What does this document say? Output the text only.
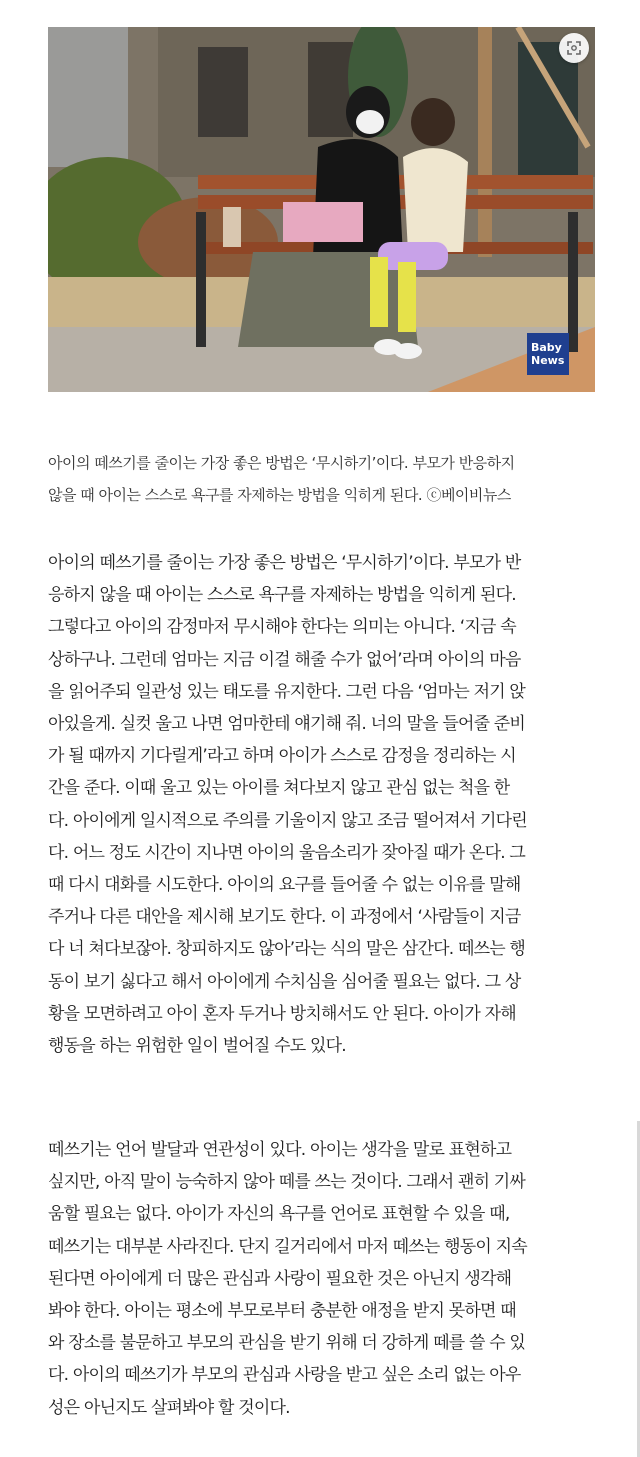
Baby
News

아이의 떼쓰기를 줄이는 가장 좋은 방법은 ‘무시하기’이다. 부모가 반응하지
않을 때 아이는 스스로 욕구를 자제하는 방법을 익히게 된다. ⓒ베이비뉴스

아이의 떼쓰기를 줄이는 가장 좋은 방법은 ‘무시하기’이다. 부모가 반
응하지 않을 때 아이는 스스로 욕구를 자제하는 방법을 익히게 된다.
그렇다고 아이의 감정마저 무시해야 한다는 의미는 아니다. ‘지금 속
상하구나. 그런데 엄마는 지금 이걸 해줄 수가 없어’라며 아이의 마음
을 읽어주되 일관성 있는 태도를 유지한다. 그런 다음 ‘엄마는 저기 앉
아있을게. 실컷 울고 나면 엄마한테 얘기해 줘. 너의 말을 들어줄 준비
가 될 때까지 기다릴게’라고 하며 아이가 스스로 감정을 정리하는 시
간을 준다. 이때 울고 있는 아이를 쳐다보지 않고 관심 없는 척을 한
다. 아이에게 일시적으로 주의를 기울이지 않고 조금 떨어져서 기다린
다. 어느 정도 시간이 지나면 아이의 울음소리가 잦아질 때가 온다. 그
때 다시 대화를 시도한다. 아이의 요구를 들어줄 수 없는 이유를 말해
주거나 다른 대안을 제시해 보기도 한다. 이 과정에서 ‘사람들이 지금
다 너 쳐다보잖아. 창피하지도 않아’라는 식의 말은 삼간다. 떼쓰는 행
동이 보기 싫다고 해서 아이에게 수치심을 심어줄 필요는 없다. 그 상
황을 모면하려고 아이 혼자 두거나 방치해서도 안 된다. 아이가 자해
행동을 하는 위험한 일이 벌어질 수도 있다.
떼쓰기는 언어 발달과 연관성이 있다. 아이는 생각을 말로 표현하고
싶지만, 아직 말이 능숙하지 않아 떼를 쓰는 것이다. 그래서 괜히 기싸
움할 필요는 없다. 아이가 자신의 욕구를 언어로 표현할 수 있을 때,
떼쓰기는 대부분 사라진다. 단지 길거리에서 마저 떼쓰는 행동이 지속
된다면 아이에게 더 많은 관심과 사랑이 필요한 것은 아닌지 생각해
봐야 한다. 아이는 평소에 부모로부터 충분한 애정을 받지 못하면 때
와 장소를 불문하고 부모의 관심을 받기 위해 더 강하게 떼를 쓸 수 있
다. 아이의 떼쓰기가 부모의 관심과 사랑을 받고 싶은 소리 없는 아우
성은 아닌지도 살펴봐야 할 것이다.
